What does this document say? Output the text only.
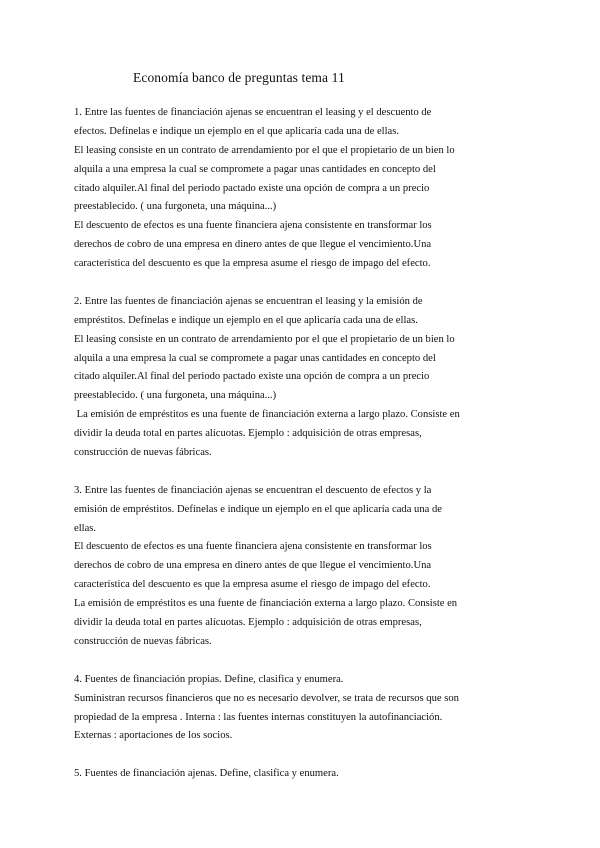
Economía banco de preguntas tema 11
1. Entre las fuentes de financiación ajenas se encuentran el leasing y el descuento de
efectos. Defínelas e indique un ejemplo en el que aplicaría cada una de ellas.
El leasing consiste en un contrato de arrendamiento por el que el propietario de un bien lo
alquila a una empresa la cual se compromete a pagar unas cantidades en concepto del
citado alquiler.Al final del periodo pactado existe una opción de compra a un precio
preestablecido. ( una furgoneta, una máquina...)
El descuento de efectos es una fuente financiera ajena consistente en transformar los
derechos de cobro de una empresa en dinero antes de que llegue el vencimiento.Una
característica del descuento es que la empresa asume el riesgo de impago del efecto.
2. Entre las fuentes de financiación ajenas se encuentran el leasing y la emisión de
empréstitos. Defínelas e indique un ejemplo en el que aplicaría cada una de ellas.
El leasing consiste en un contrato de arrendamiento por el que el propietario de un bien lo
alquila a una empresa la cual se compromete a pagar unas cantidades en concepto del
citado alquiler.Al final del periodo pactado existe una opción de compra a un precio
preestablecido. ( una furgoneta, una máquina...)
La emisión de empréstitos es una fuente de financiación externa a largo plazo. Consiste en
dividir la deuda total en partes alícuotas. Ejemplo : adquisición de otras empresas,
construcción de nuevas fábricas.
3. Entre las fuentes de financiación ajenas se encuentran el descuento de efectos y la
emisión de empréstitos. Defínelas e indique un ejemplo en el que aplicaría cada una de
ellas.
El descuento de efectos es una fuente financiera ajena consistente en transformar los
derechos de cobro de una empresa en dinero antes de que llegue el vencimiento.Una
característica del descuento es que la empresa asume el riesgo de impago del efecto.
La emisión de empréstitos es una fuente de financiación externa a largo plazo. Consiste en
dividir la deuda total en partes alícuotas. Ejemplo : adquisición de otras empresas,
construcción de nuevas fábricas.
4. Fuentes de financiación propias. Define, clasifica y enumera.
Suministran recursos financieros que no es necesario devolver, se trata de recursos que son
propiedad de la empresa . Interna : las fuentes internas constituyen la autofinanciación.
Externas : aportaciones de los socios.
5. Fuentes de financiación ajenas. Define, clasifica y enumera.
